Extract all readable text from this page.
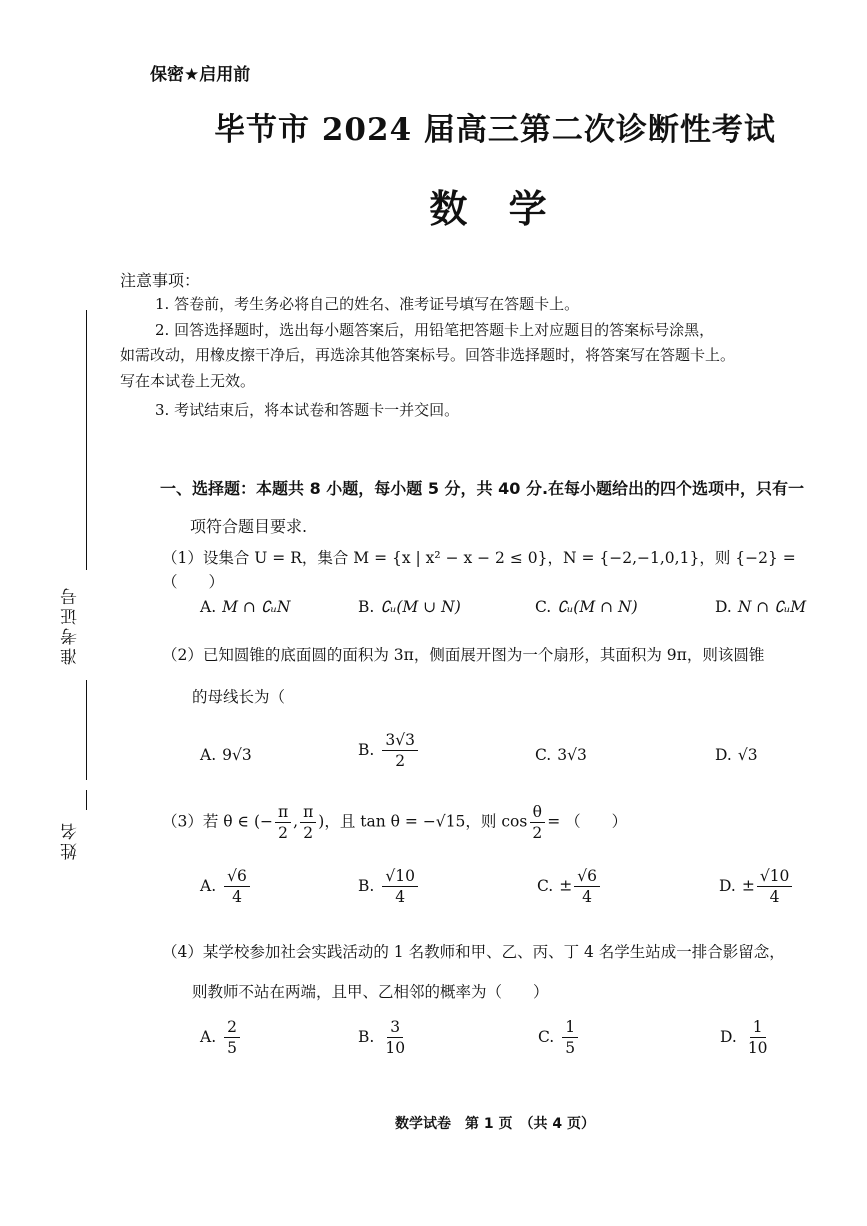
保密★启用前
毕节市 2024 届高三第二次诊断性考试
数 学
准考证号
姓名
注意事项：
1. 答卷前，考生务必将自己的姓名、准考证号填写在答题卡上。
2. 回答选择题时，选出每小题答案后，用铅笔把答题卡上对应题目的答案标号涂黑，
如需改动，用橡皮擦干净后，再选涂其他答案标号。回答非选择题时，将答案写在答题卡上。
写在本试卷上无效。
3. 考试结束后，将本试卷和答题卡一并交回。
一、选择题：本题共 8 小题，每小题 5 分，共 40 分.在每小题给出的四个选项中，只有一
项符合题目要求.
（1）设集合 U = R，集合 M = {x | x² − x − 2 ≤ 0}，N = {−2,−1,0,1}，则 {−2} = （　　）
A. M ∩ ∁ᵤN	B. ∁ᵤ(M ∪ N)	C. ∁ᵤ(M ∩ N)	D. N ∩ ∁ᵤM
（2）已知圆锥的底面圆的面积为 3π，侧面展开图为一个扇形，其面积为 9π，则该圆锥
的母线长为（
A. 9√3	B. $\frac{3√3}{2}$	C. 3√3	D. √3
（3）若 θ ∈ (− $\frac{\pi}{2}$ , $\frac{\pi}{2}$ )，且 tan θ = −√15，则 $\cos \frac{\theta}{2}$ = （　　）
A. $\frac{√6}{4}$	B. $\frac{√10}{4}$	C. ± $\frac{√6}{4}$	D. ± $\frac{√10}{4}$
（4）某学校参加社会实践活动的 1 名教师和甲、乙、丙、丁 4 名学生站成一排合影留念，
则教师不站在两端，且甲、乙相邻的概率为（　　）
A. $\frac{2}{5}$	B. $\frac{3}{10}$	C. $\frac{1}{5}$	D. $\frac{1}{10}$
数学试卷　第 1 页　（共 4 页）
